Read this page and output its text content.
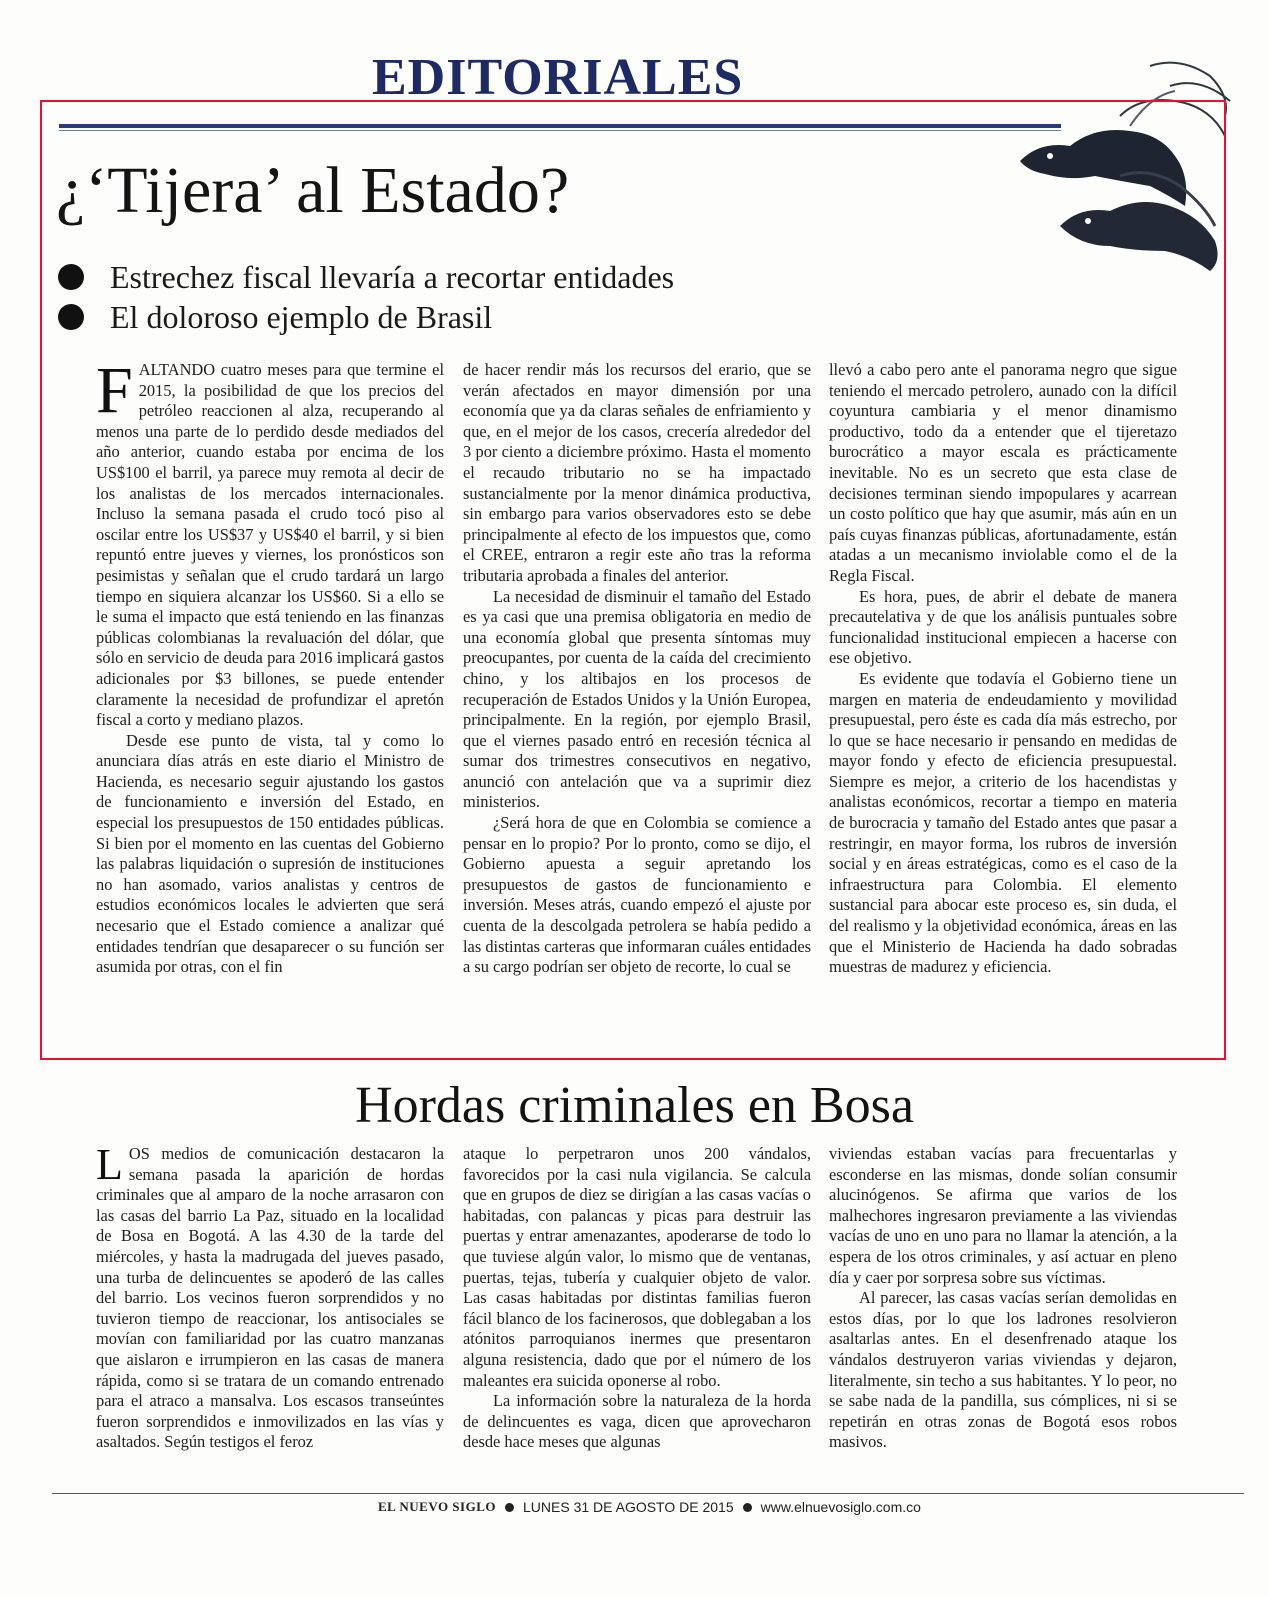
EDITORIALES
¿‘Tijera’ al Estado?
Estrechez fiscal llevaría a recortar entidades
El doloroso ejemplo de Brasil

FALTANDO cuatro meses para que termine el 2015, la posibilidad de que los precios del petróleo reaccionen al alza, recuperando al menos una parte de lo perdido desde mediados del año anterior, cuando estaba por encima de los US$100 el barril, ya parece muy remota al decir de los analistas de los mercados internacionales. Incluso la semana pasada el crudo tocó piso al oscilar entre los US$37 y US$40 el barril, y si bien repuntó entre jueves y viernes, los pronósticos son pesimistas y señalan que el crudo tardará un largo tiempo en siquiera alcanzar los US$60. Si a ello se le suma el impacto que está teniendo en las finanzas públicas colombianas la revaluación del dólar, que sólo en servicio de deuda para 2016 implicará gastos adicionales por $3 billones, se puede entender claramente la necesidad de profundizar el apretón fiscal a corto y mediano plazos.

Desde ese punto de vista, tal y como lo anunciara días atrás en este diario el Ministro de Hacienda, es necesario seguir ajustando los gastos de funcionamiento e inversión del Estado, en especial los presupuestos de 150 entidades públicas. Si bien por el momento en las cuentas del Gobierno las palabras liquidación o supresión de instituciones no han asomado, varios analistas y centros de estudios económicos locales le advierten que será necesario que el Estado comience a analizar qué entidades tendrían que desaparecer o su función ser asumida por otras, con el fin

de hacer rendir más los recursos del erario, que se verán afectados en mayor dimensión por una economía que ya da claras señales de enfriamiento y que, en el mejor de los casos, crecería alrededor del 3 por ciento a diciembre próximo. Hasta el momento el recaudo tributario no se ha impactado sustancialmente por la menor dinámica productiva, sin embargo para varios observadores esto se debe principalmente al efecto de los impuestos que, como el CREE, entraron a regir este año tras la reforma tributaria aprobada a finales del anterior.

La necesidad de disminuir el tamaño del Estado es ya casi que una premisa obligatoria en medio de una economía global que presenta síntomas muy preocupantes, por cuenta de la caída del crecimiento chino, y los altibajos en los procesos de recuperación de Estados Unidos y la Unión Europea, principalmente. En la región, por ejemplo Brasil, que el viernes pasado entró en recesión técnica al sumar dos trimestres consecutivos en negativo, anunció con antelación que va a suprimir diez ministerios.

¿Será hora de que en Colombia se comience a pensar en lo propio? Por lo pronto, como se dijo, el Gobierno apuesta a seguir apretando los presupuestos de gastos de funcionamiento e inversión. Meses atrás, cuando empezó el ajuste por cuenta de la descolgada petrolera se había pedido a las distintas carteras que informaran cuáles entidades a su cargo podrían ser objeto de recorte, lo cual se

llevó a cabo pero ante el panorama negro que sigue teniendo el mercado petrolero, aunado con la difícil coyuntura cambiaria y el menor dinamismo productivo, todo da a entender que el tijeretazo burocrático a mayor escala es prácticamente inevitable. No es un secreto que esta clase de decisiones terminan siendo impopulares y acarrean un costo político que hay que asumir, más aún en un país cuyas finanzas públicas, afortunadamente, están atadas a un mecanismo inviolable como el de la Regla Fiscal.

Es hora, pues, de abrir el debate de manera precautelativa y de que los análisis puntuales sobre funcionalidad institucional empiecen a hacerse con ese objetivo.

Es evidente que todavía el Gobierno tiene un margen en materia de endeudamiento y movilidad presupuestal, pero éste es cada día más estrecho, por lo que se hace necesario ir pensando en medidas de mayor fondo y efecto de eficiencia presupuestal. Siempre es mejor, a criterio de los hacendistas y analistas económicos, recortar a tiempo en materia de burocracia y tamaño del Estado antes que pasar a restringir, en mayor forma, los rubros de inversión social y en áreas estratégicas, como es el caso de la infraestructura para Colombia. El elemento sustancial para abocar este proceso es, sin duda, el del realismo y la objetividad económica, áreas en las que el Ministerio de Hacienda ha dado sobradas muestras de madurez y eficiencia.

Hordas criminales en Bosa

LOS medios de comunicación destacaron la semana pasada la aparición de hordas criminales que al amparo de la noche arrasaron con las casas del barrio La Paz, situado en la localidad de Bosa en Bogotá. A las 4.30 de la tarde del miércoles, y hasta la madrugada del jueves pasado, una turba de delincuentes se apoderó de las calles del barrio. Los vecinos fueron sorprendidos y no tuvieron tiempo de reaccionar, los antisociales se movían con familiaridad por las cuatro manzanas que aislaron e irrumpieron en las casas de manera rápida, como si se tratara de un comando entrenado para el atraco a mansalva. Los escasos transeúntes fueron sorprendidos e inmovilizados en las vías y asaltados. Según testigos el feroz

ataque lo perpetraron unos 200 vándalos, favorecidos por la casi nula vigilancia. Se calcula que en grupos de diez se dirigían a las casas vacías o habitadas, con palancas y picas para destruir las puertas y entrar amenazantes, apoderarse de todo lo que tuviese algún valor, lo mismo que de ventanas, puertas, tejas, tubería y cualquier objeto de valor. Las casas habitadas por distintas familias fueron fácil blanco de los facinerosos, que doblegaban a los atónitos parroquianos inermes que presentaron alguna resistencia, dado que por el número de los maleantes era suicida oponerse al robo.

La información sobre la naturaleza de la horda de delincuentes es vaga, dicen que aprovecharon desde hace meses que algunas

viviendas estaban vacías para frecuentarlas y esconderse en las mismas, donde solían consumir alucinógenos. Se afirma que varios de los malhechores ingresaron previamente a las viviendas vacías de uno en uno para no llamar la atención, a la espera de los otros criminales, y así actuar en pleno día y caer por sorpresa sobre sus víctimas.

Al parecer, las casas vacías serían demolidas en estos días, por lo que los ladrones resolvieron asaltarlas antes. En el desenfrenado ataque los vándalos destruyeron varias viviendas y dejaron, literalmente, sin techo a sus habitantes. Y lo peor, no se sabe nada de la pandilla, sus cómplices, ni si se repetirán en otras zonas de Bogotá esos robos masivos.

EL NUEVO SIGLO LUNES 31 DE AGOSTO DE 2015 www.elnuevosiglo.com.co
